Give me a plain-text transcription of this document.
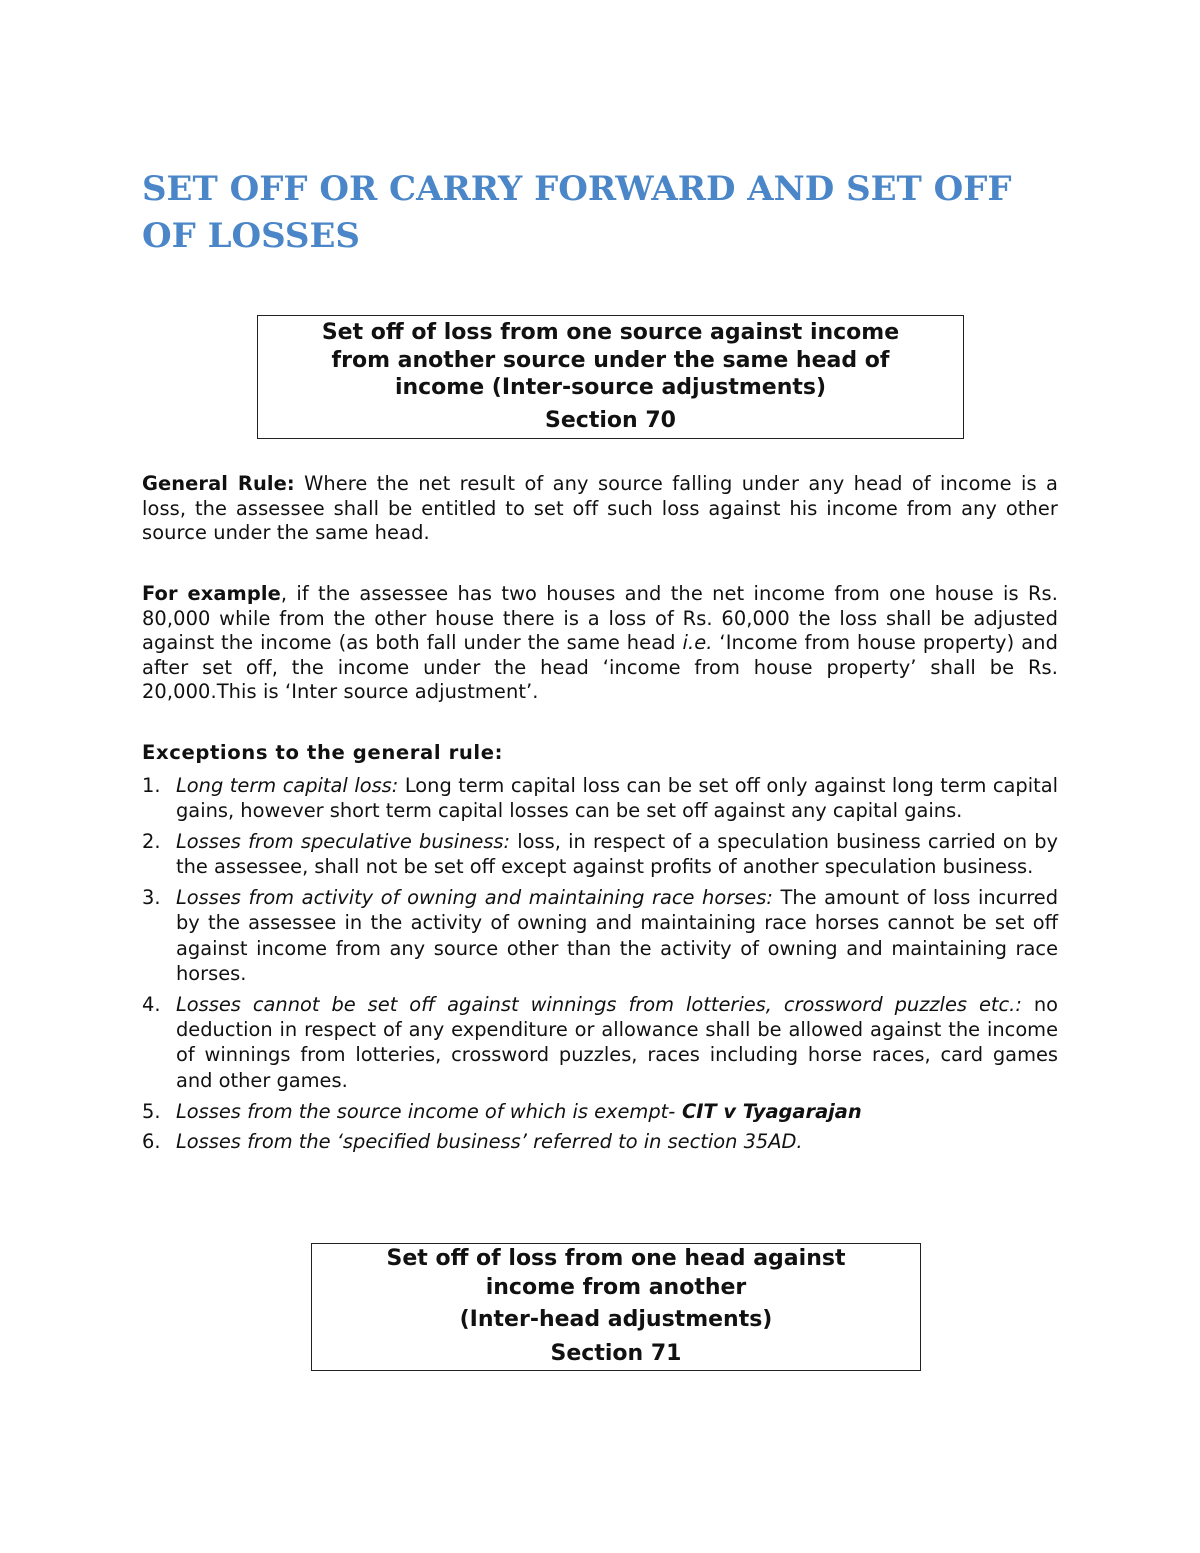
SET OFF OR CARRY FORWARD AND SET OFF OF LOSSES
Set off of loss from one source against income
from another source under the same head of
income (Inter-source adjustments)
Section 70

General Rule: Where the net result of any source falling under any head of income is a loss, the assessee shall be entitled to set off such loss against his income from any other source under the same head.

For example, if the assessee has two houses and the net income from one house is Rs. 80,000 while from the other house there is a loss of Rs. 60,000 the loss shall be adjusted against the income (as both fall under the same head i.e. ‘Income from house property) and after set off, the income under the head ‘income from house property’ shall be Rs. 20,000.This is ‘Inter source adjustment’.

Exceptions to the general rule:
1. Long term capital loss: Long term capital loss can be set off only against long term capital gains, however short term capital losses can be set off against any capital gains.
2. Losses from speculative business: loss, in respect of a speculation business carried on by the assessee, shall not be set off except against profits of another speculation business.
3. Losses from activity of owning and maintaining race horses: The amount of loss incurred by the assessee in the activity of owning and maintaining race horses cannot be set off against income from any source other than the activity of owning and maintaining race horses.
4. Losses cannot be set off against winnings from lotteries, crossword puzzles etc.: no deduction in respect of any expenditure or allowance shall be allowed against the income of winnings from lotteries, crossword puzzles, races including horse races, card games and other games.
5. Losses from the source income of which is exempt- CIT v Tyagarajan
6. Losses from the ‘specified business’ referred to in section 35AD.
Set off of loss from one head against
income from another
(Inter-head adjustments)
Section 71
